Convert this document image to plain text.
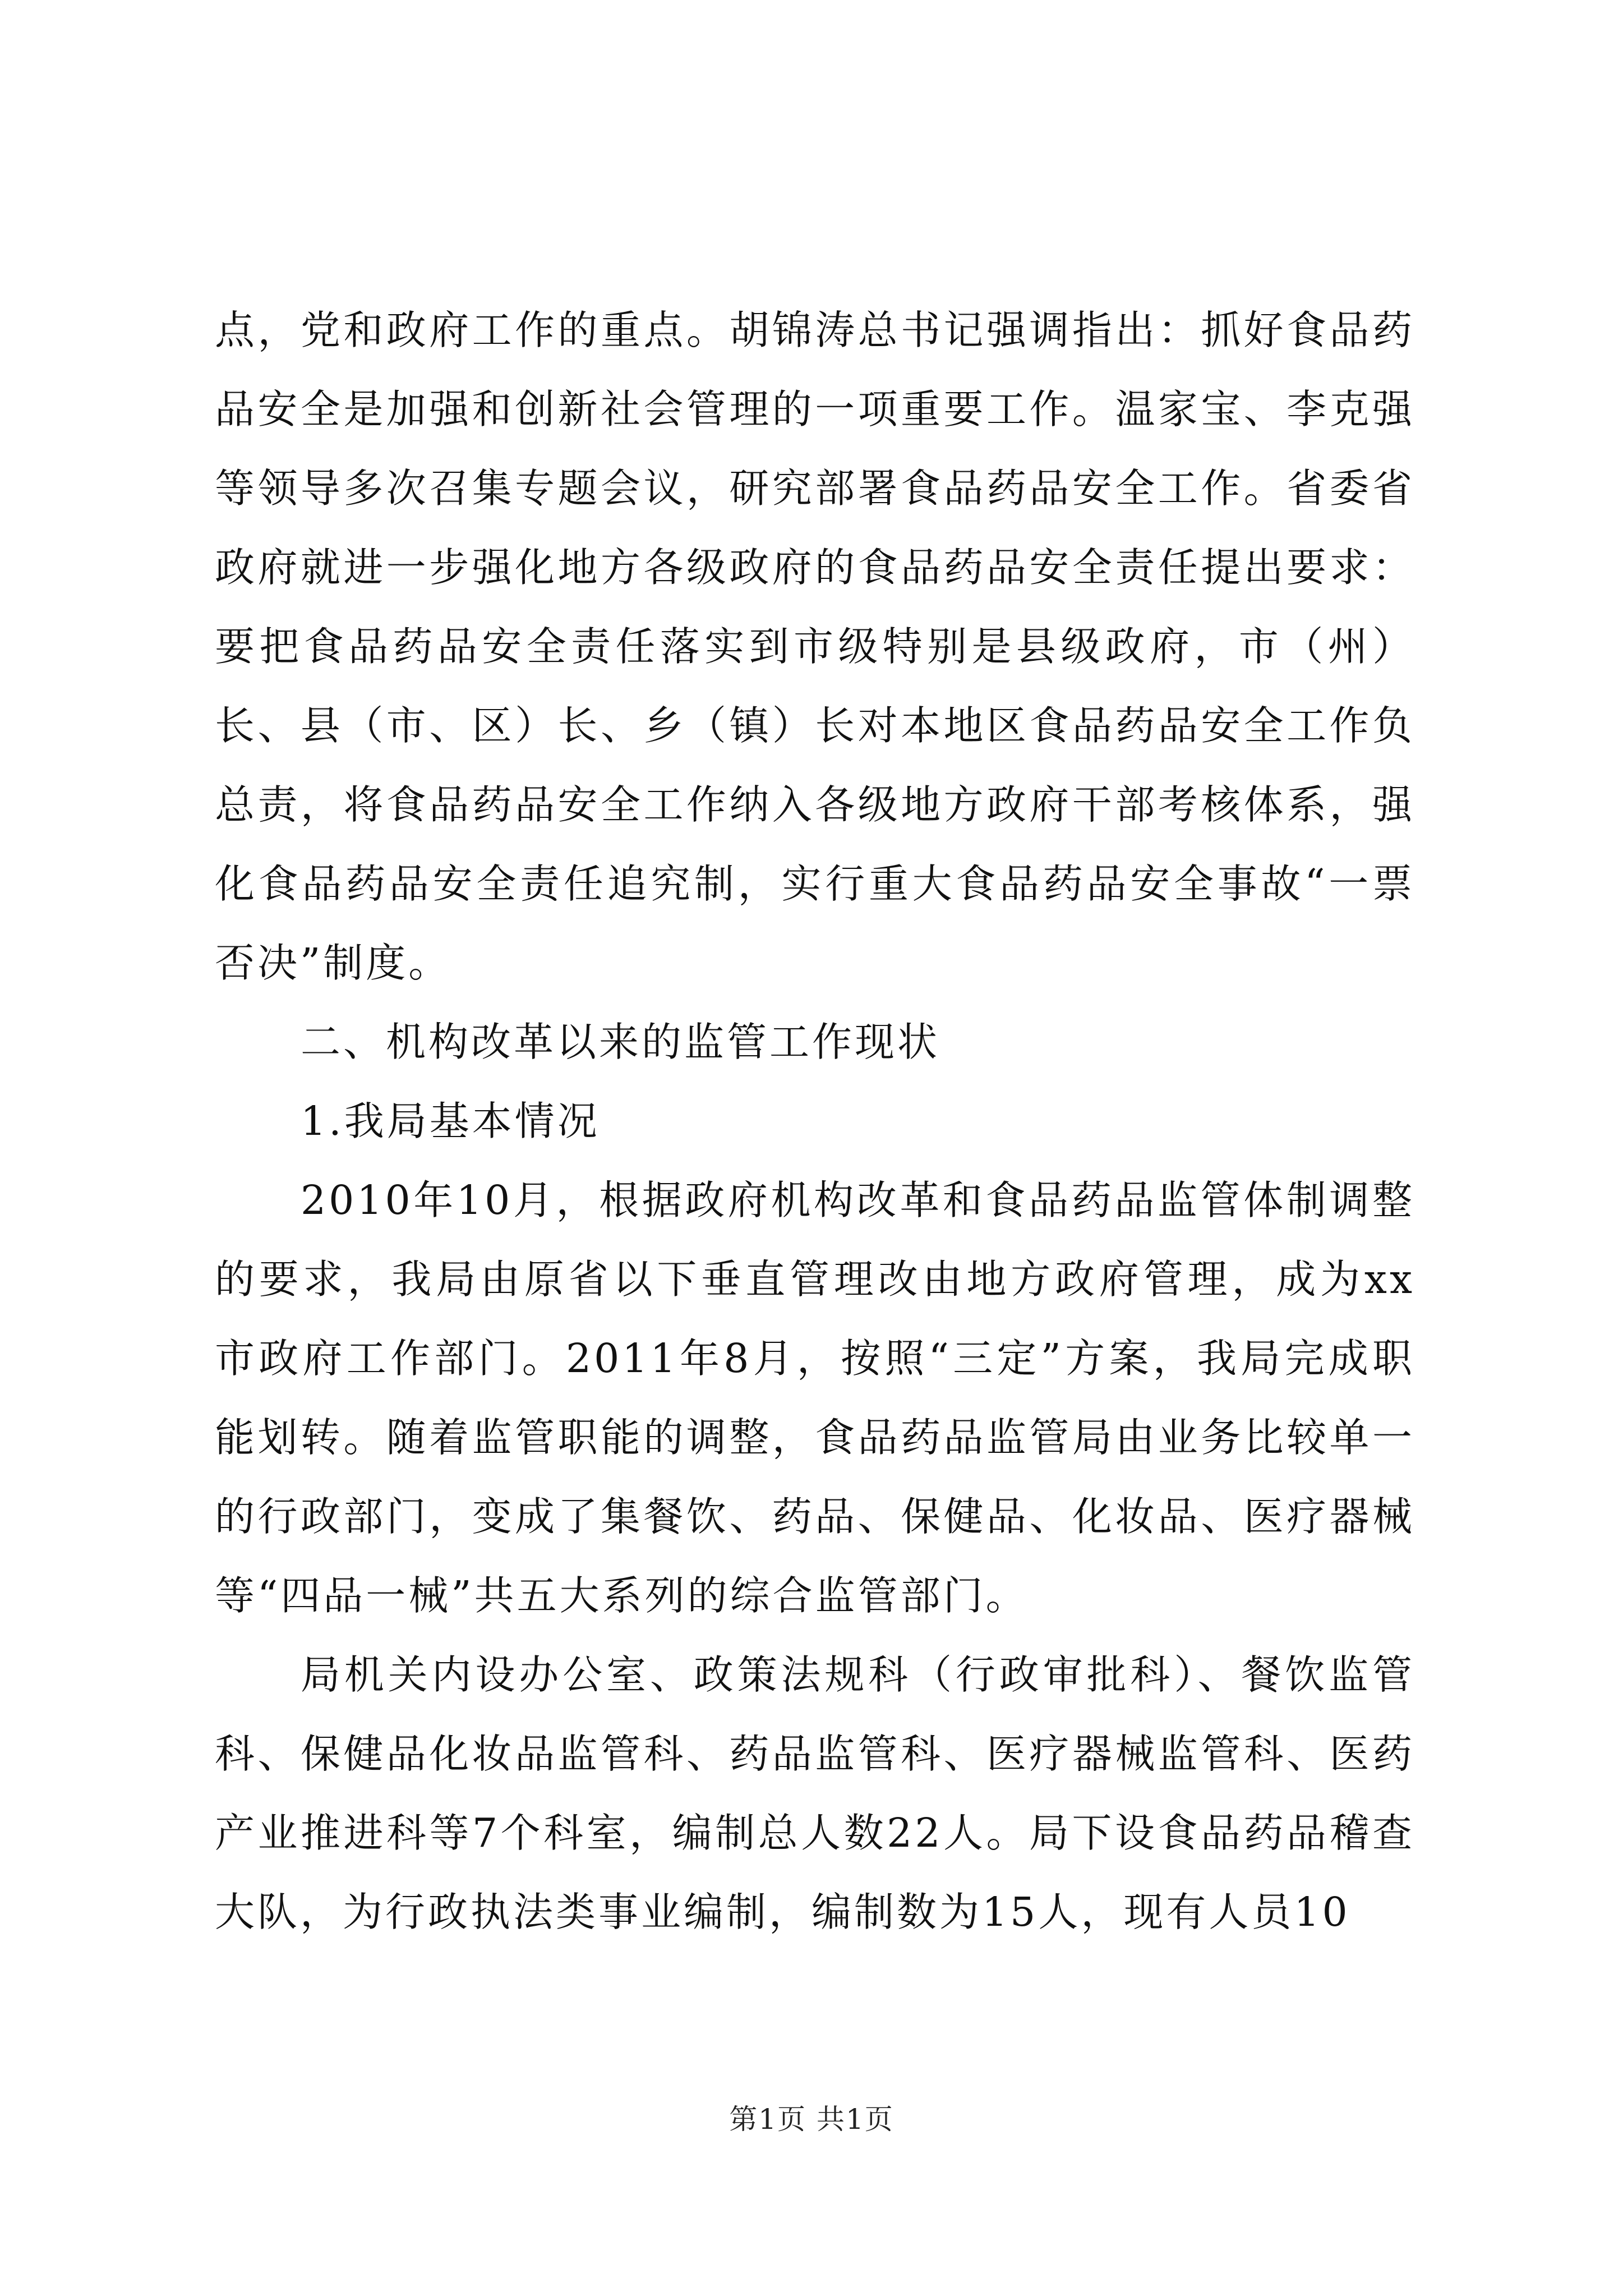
点，党和政府工作的重点。胡锦涛总书记强调指出：抓好食品药品安全是加强和创新社会管理的一项重要工作。温家宝、李克强等领导多次召集专题会议，研究部署食品药品安全工作。省委省政府就进一步强化地方各级政府的食品药品安全责任提出要求：要把食品药品安全责任落实到市级特别是县级政府，市（州）长、县（市、区）长、乡（镇）长对本地区食品药品安全工作负总责，将食品药品安全工作纳入各级地方政府干部考核体系，强化食品药品安全责任追究制，实行重大食品药品安全事故“一票否决”制度。

二、机构改革以来的监管工作现状

1.我局基本情况

2010年10月，根据政府机构改革和食品药品监管体制调整的要求，我局由原省以下垂直管理改由地方政府管理，成为xx市政府工作部门。2011年8月，按照“三定”方案，我局完成职能划转。随着监管职能的调整，食品药品监管局由业务比较单一的行政部门，变成了集餐饮、药品、保健品、化妆品、医疗器械等“四品一械”共五大系列的综合监管部门。

局机关内设办公室、政策法规科（行政审批科）、餐饮监管科、保健品化妆品监管科、药品监管科、医疗器械监管科、医药产业推进科等7个科室，编制总人数22人。局下设食品药品稽查大队，为行政执法类事业编制，编制数为15人，现有人员10

第1页 共1页
